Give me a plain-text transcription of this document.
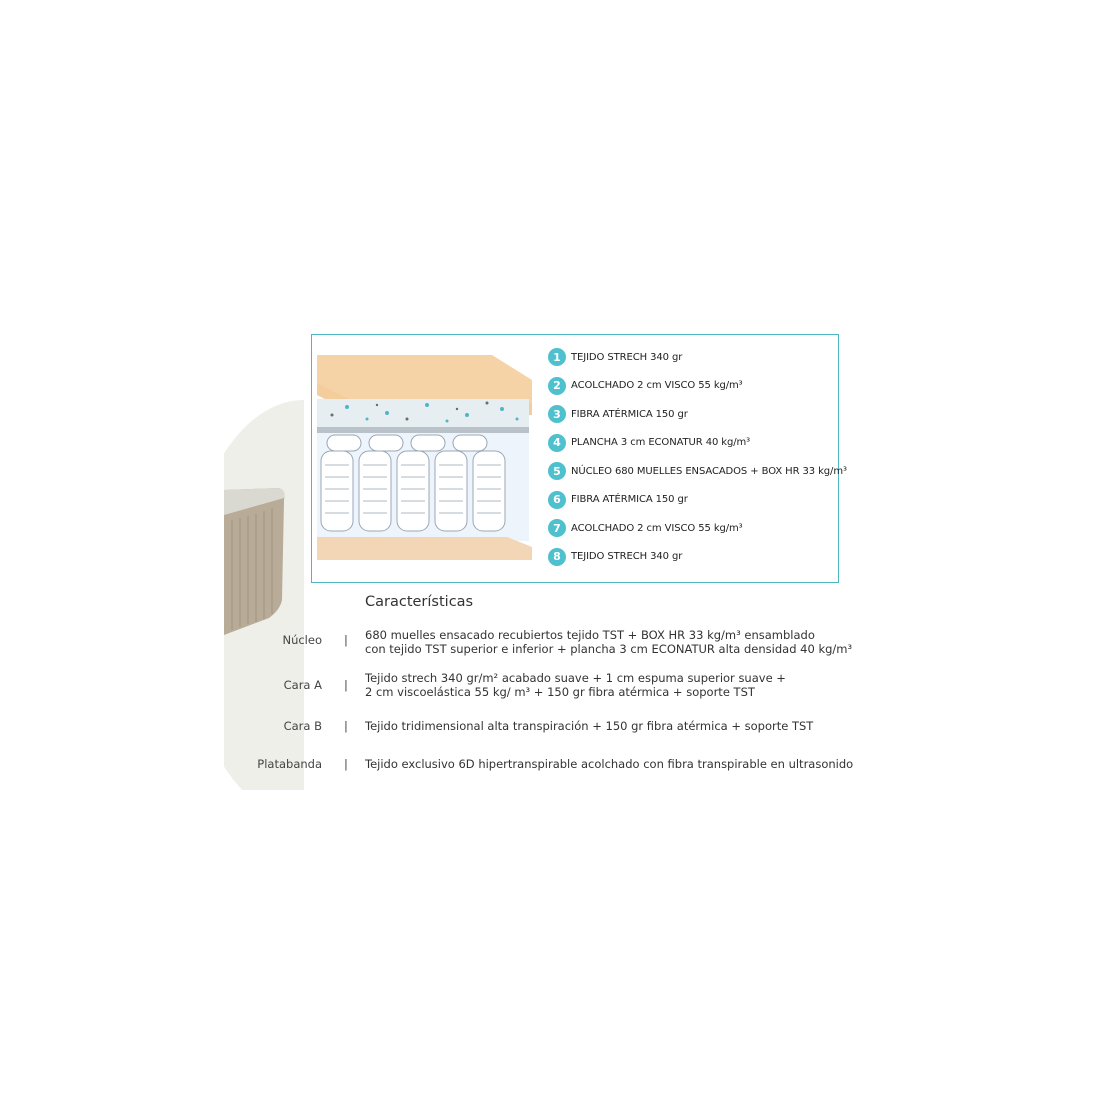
1	TEJIDO STRECH 340 gr
2	ACOLCHADO 2 cm VISCO 55 kg/m³
3	FIBRA ATÉRMICA 150 gr
4	PLANCHA 3 cm ECONATUR 40 kg/m³
5	NÚCLEO 680 MUELLES ENSACADOS + BOX HR 33 kg/m³
6	FIBRA ATÉRMICA 150 gr
7	ACOLCHADO 2 cm VISCO 55 kg/m³
8	TEJIDO STRECH 340 gr
Características
Núcleo | 680 muelles ensacado recubiertos tejido TST + BOX HR 33 kg/m³ ensamblado
con tejido TST superior e inferior + plancha 3 cm ECONATUR alta densidad 40 kg/m³
Cara A | Tejido strech 340 gr/m² acabado suave + 1 cm espuma superior suave +
2 cm viscoelástica 55 kg/ m³ + 150 gr fibra atérmica + soporte TST
Cara B | Tejido tridimensional alta transpiración + 150 gr fibra atérmica + soporte TST
Platabanda | Tejido exclusivo 6D hipertranspirable acolchado con fibra transpirable en ultrasonido
